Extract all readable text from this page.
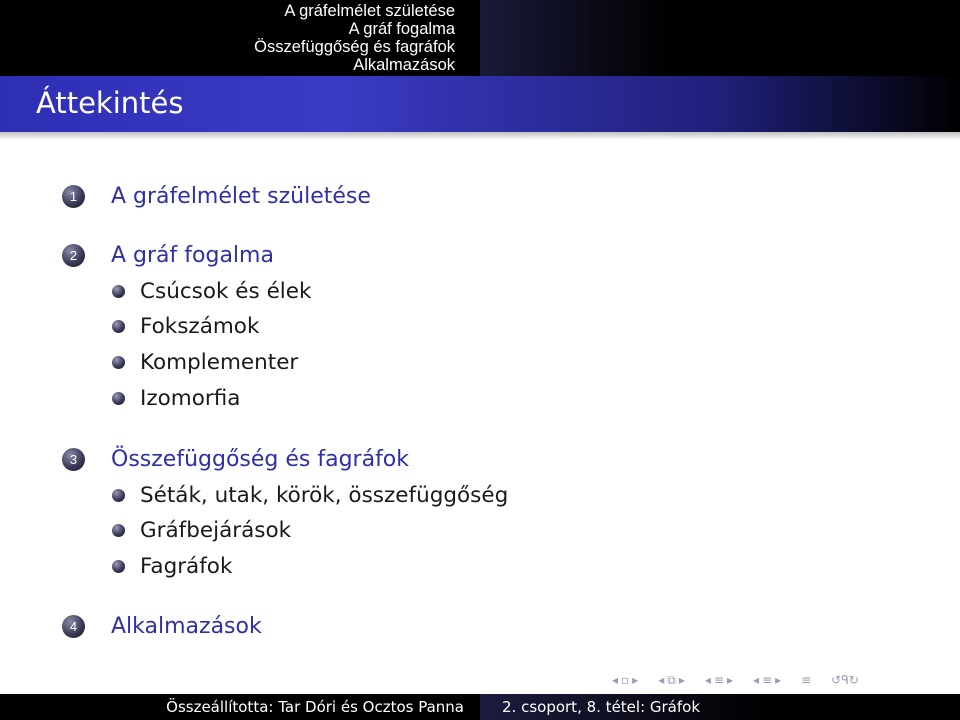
A gráfelmélet születése
A gráf fogalma
Összefüggőség és fagráfok
Alkalmazások
Áttekintés
1	A gráfelmélet születése
2	A gráf fogalma
Csúcsok és élek
Fokszámok
Komplementer
Izomorfia
3	Összefüggőség és fagráfok
Séták, utak, körök, összefüggőség
Gráfbejárások
Fagráfok
4	Alkalmazások
◂ ▫ ▸ ◂ ⧉ ▸ ◂ ≡ ▸ ◂ ≡ ▸ ≡ ↺ᑫ↻
Összeállította: Tar Dóri és Ocztos Panna	2. csoport, 8. tétel: Gráfok
